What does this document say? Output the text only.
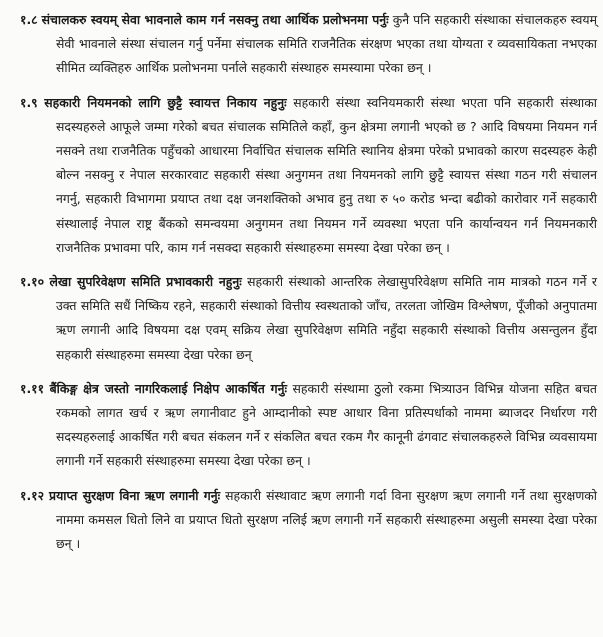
१.८ संचालकरु स्वयम् सेवा भावनाले काम गर्न नसक्नु तथा आर्थिक प्रलोभनमा पर्नुः कुनै पनि सहकारी संस्थाका संचालकहरु स्वयम् सेवी भावनाले संस्था संचालन गर्नु पर्नेमा संचालक समिति राजनैतिक संरक्षण भएका तथा योग्यता र व्यवसायिकता नभएका सीमित व्यक्तिहरु आर्थिक प्रलोभनमा पर्नाले सहकारी संस्थाहरु समस्यामा परेका छन् ।

१.९ सहकारी नियमनको लागि छुट्टै स्वायत्त निकाय नहुनुः सहकारी संस्था स्वनियमकारी संस्था भएता पनि सहकारी संस्थाका सदस्यहरुले आफूले जम्मा गरेको बचत संचालक समितिले कहाँ, कुन क्षेत्रमा लगानी भएको छ ? आदि विषयमा नियमन गर्न नसक्ने तथा राजनैतिक पहुँचको आधारमा निर्वाचित संचालक समिति स्थानिय क्षेत्रमा परेको प्रभावको कारण सदस्यहरु केही बोल्न नसक्नु र नेपाल सरकारवाट सहकारी संस्था अनुगमन तथा नियमनको लागि छुट्टै स्वायत्त संस्था गठन गरी संचालन नगर्नु, सहकारी विभागमा प्रयाप्त तथा दक्ष जनशक्तिको अभाव हुनु तथा रु ५० करोड भन्दा बढीको कारोवार गर्ने सहकारी संस्थालाई नेपाल राष्ट्र बैंकको समन्वयमा अनुगमन तथा नियमन गर्ने व्यवस्था भएता पनि कार्यान्वयन गर्न नियमनकारी राजनैतिक प्रभावमा परि, काम गर्न नसक्दा सहकारी संस्थाहरुमा समस्या देखा परेका छन् ।

१.१० लेखा सुपरिवेक्षण समिति प्रभावकारी नहुनुः सहकारी संस्थाको आन्तरिक लेखासुपरिवेक्षण समिति नाम मात्रको गठन गर्ने र उक्त समिति सधैं निष्किय रहने, सहकारी संस्थाको वित्तीय स्वस्थताको जाँच, तरलता जोखिम विश्लेषण, पूँजीको अनुपातमा ऋण लगानी आदि विषयमा दक्ष एवम् सक्रिय लेखा सुपरिवेक्षण समिति नहुँदा सहकारी संस्थाको वित्तीय असन्तुलन हुँदा सहकारी संस्थाहरुमा समस्या देखा परेका छन्

१.११ बैंकिङ्ग क्षेत्र जस्तो नागरिकलाई निक्षेप आकर्षित गर्नुः सहकारी संस्थामा ठुलो रकमा भित्र्याउन विभिन्न योजना सहित बचत रकमको लागत खर्च र ऋण लगानीवाट हुने आम्दानीको स्पष्ट आधार विना प्रतिस्पर्धाको नाममा ब्याजदर निर्धारण गरी सदस्यहरुलाई आकर्षित गरी बचत संकलन गर्ने र संकलित बचत रकम गैर कानूनी ढंगवाट संचालकहरुले विभिन्न व्यवसायमा लगानी गर्ने सहकारी संस्थाहरुमा समस्या देखा परेका छन् ।

१.१२ प्रयाप्त सुरक्षण विना ऋण लगानी गर्नुः सहकारी संस्थावाट ऋण लगानी गर्दा विना सुरक्षण ऋण लगानी गर्ने तथा सुरक्षणको नाममा कमसल धितो लिने वा प्रयाप्त धितो सुरक्षण नलिई ऋण लगानी गर्ने सहकारी संस्थाहरुमा असुली समस्या देखा परेका छन् ।
